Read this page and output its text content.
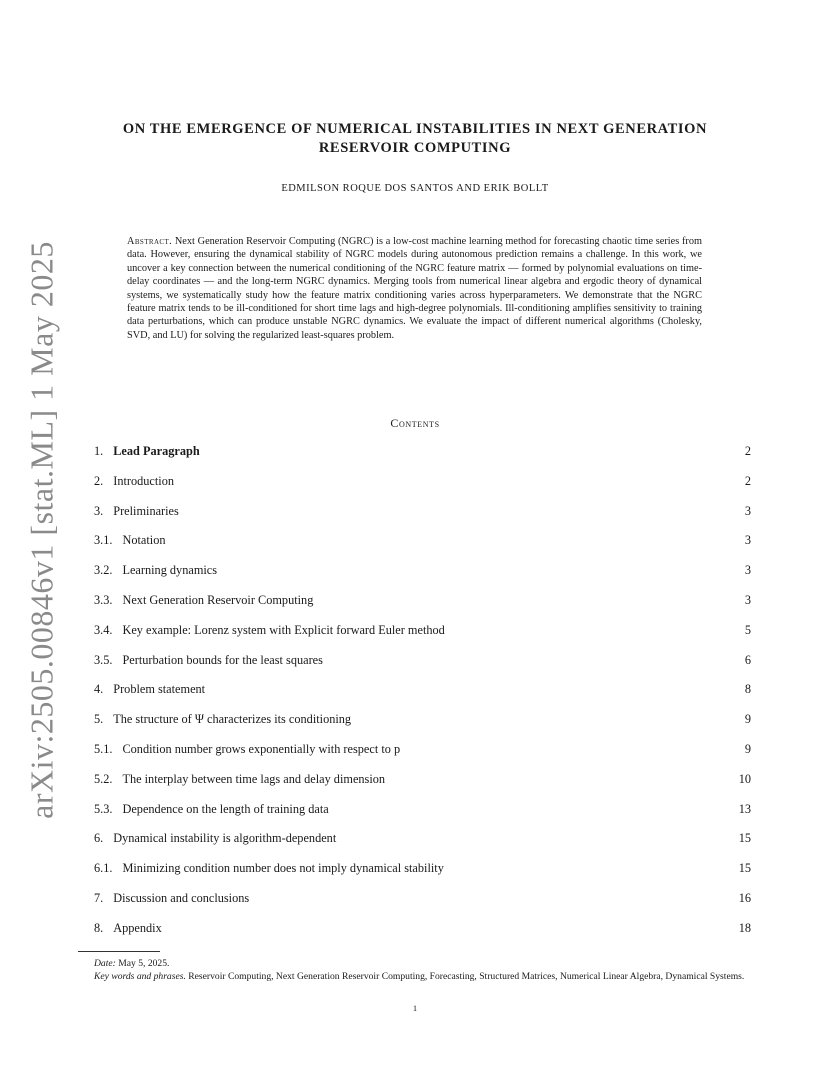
arXiv:2505.00846v1 [stat.ML] 1 May 2025
ON THE EMERGENCE OF NUMERICAL INSTABILITIES IN NEXT GENERATION
RESERVOIR COMPUTING
EDMILSON ROQUE DOS SANTOS AND ERIK BOLLT
Abstract. Next Generation Reservoir Computing (NGRC) is a low-cost machine learning method for forecasting chaotic time series from data. However, ensuring the dynamical stability of NGRC models during autonomous prediction remains a challenge. In this work, we uncover a key connection between the numerical conditioning of the NGRC feature matrix — formed by polynomial evaluations on time-delay coordinates — and the long-term NGRC dynamics. Merging tools from numerical linear algebra and ergodic theory of dynamical systems, we systematically study how the feature matrix conditioning varies across hyperparameters. We demonstrate that the NGRC feature matrix tends to be ill-conditioned for short time lags and high-degree polynomials. Ill-conditioning amplifies sensitivity to training data perturbations, which can produce unstable NGRC dynamics. We evaluate the impact of different numerical algorithms (Cholesky, SVD, and LU) for solving the regularized least-squares problem.
Contents
1. Lead Paragraph	2
2. Introduction	2
3. Preliminaries	3
3.1. Notation	3
3.2. Learning dynamics	3
3.3. Next Generation Reservoir Computing	3
3.4. Key example: Lorenz system with Explicit forward Euler method	5
3.5. Perturbation bounds for the least squares	6
4. Problem statement	8
5. The structure of Ψ characterizes its conditioning	9
5.1. Condition number grows exponentially with respect to p	9
5.2. The interplay between time lags and delay dimension	10
5.3. Dependence on the length of training data	13
6. Dynamical instability is algorithm-dependent	15
6.1. Minimizing condition number does not imply dynamical stability	15
7. Discussion and conclusions	16
8. Appendix	18
Date: May 5, 2025.
Key words and phrases. Reservoir Computing, Next Generation Reservoir Computing, Forecasting, Structured Matrices, Numerical Linear Algebra, Dynamical Systems.
1
